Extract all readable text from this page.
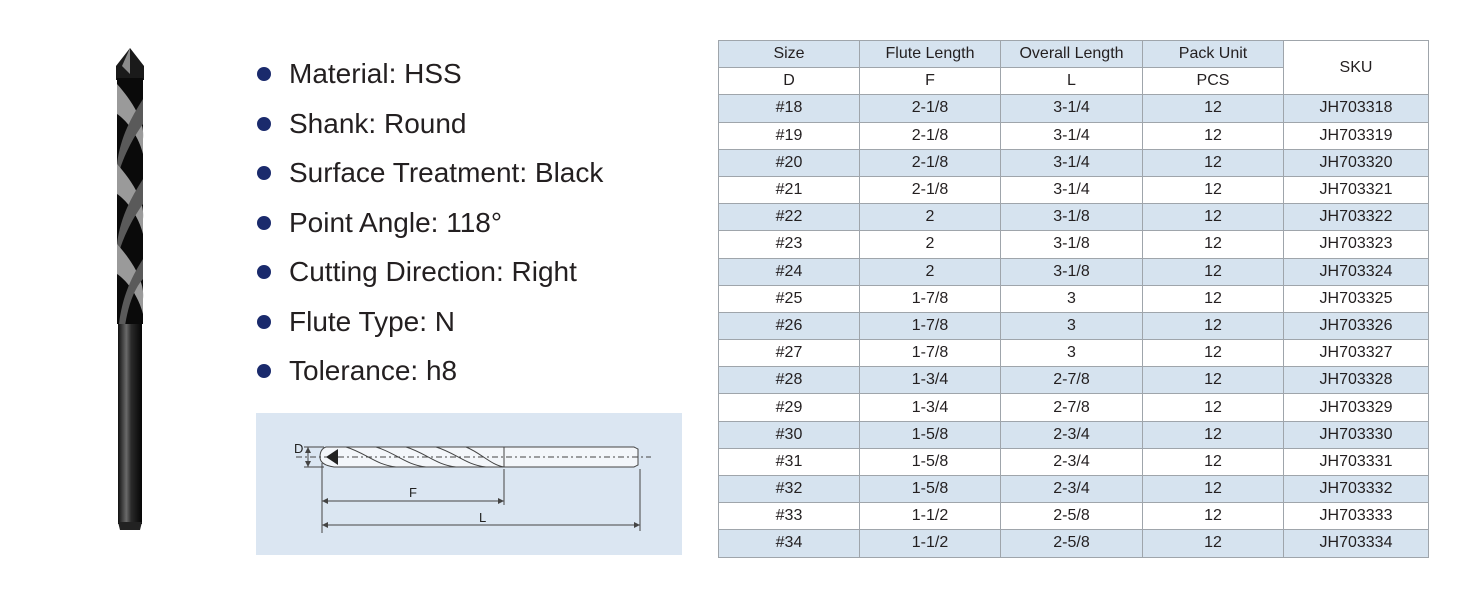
Material: HSS
Shank: Round
Surface Treatment: Black
Point Angle: 118°
Cutting Direction: Right
Flute Type: N
Tolerance: h8
D
F
L
Size	Flute Length	Overall Length	Pack Unit	SKU
D	F	L	PCS	
#18	2-1/8	3-1/4	12	JH703318
#19	2-1/8	3-1/4	12	JH703319
#20	2-1/8	3-1/4	12	JH703320
#21	2-1/8	3-1/4	12	JH703321
#22	2	3-1/8	12	JH703322
#23	2	3-1/8	12	JH703323
#24	2	3-1/8	12	JH703324
#25	1-7/8	3	12	JH703325
#26	1-7/8	3	12	JH703326
#27	1-7/8	3	12	JH703327
#28	1-3/4	2-7/8	12	JH703328
#29	1-3/4	2-7/8	12	JH703329
#30	1-5/8	2-3/4	12	JH703330
#31	1-5/8	2-3/4	12	JH703331
#32	1-5/8	2-3/4	12	JH703332
#33	1-1/2	2-5/8	12	JH703333
#34	1-1/2	2-5/8	12	JH703334
